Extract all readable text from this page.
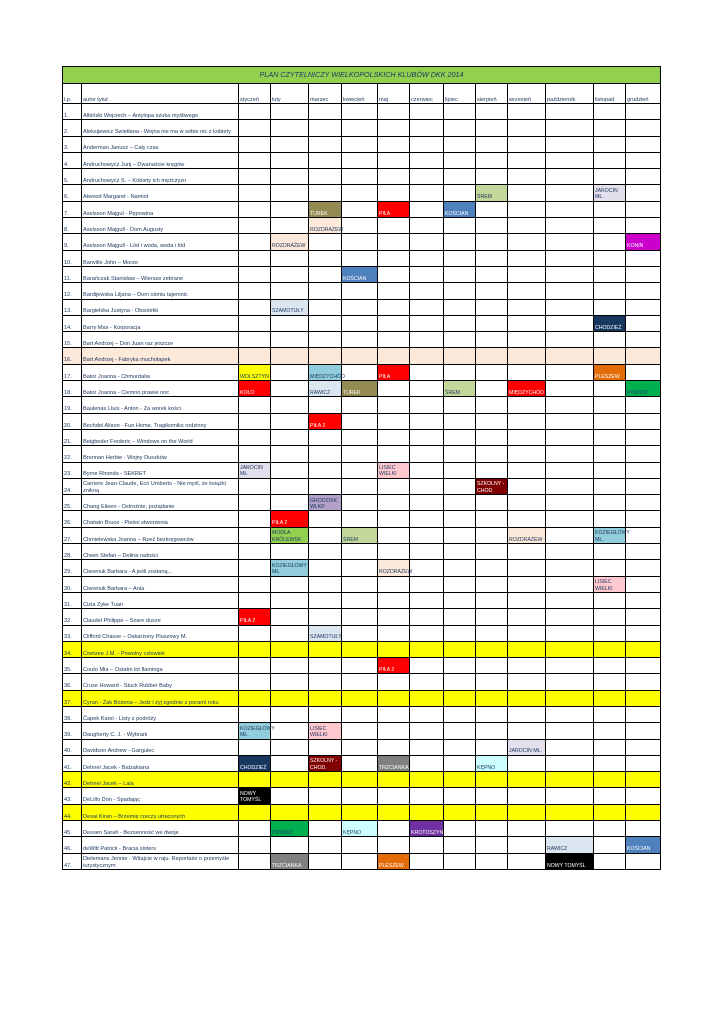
PLAN CZYTELNICZY WIELKOPOLSKICH KLUBÓW DKK 2014													
l.p.	autor tytuł	styczeń	luty	marzec	kwiecień	maj	czerwiec	lipiec	sierpień	wrzesień	październik	listopad	grudzień
1.	Albiński Wojciech – Antylopa szuka myśliwego												
2.	Aleksijewicz Swietłana - Wojna nie ma w sobie nic z kobiety												
3.	Anderman Janusz – Cały czas												
4.	Andruchowycz Jurij – Dwanaście kręgów												
5.	Andruchowycz S. – Kobiety ich mężczyzn												
6.	Atwood Margaret - Namiot								ŚREM			JAROCIN MŁ.	
7.	Axelsson Majgul - Pępowina			TUREK		PIŁA		KOŚCIAN					
8.	Axelsson Majgull - Dom Augusty			ROZDRAŻEW									
9.	Axelsson Majgull - Lód i woda, woda i lód		ROZDRAŻEW										KONIN
10.	Banville John – Morze												
11.	Barańczak Stanisław – Wiersze zebrane				KOŚCIAN								
12.	Bardijewska Liljana – Dom ośmiu tajemnic												
13.	Bargielska Justyna - Obsoletki		SZAMOTUŁY										
14.	Barry Max - Korporacja											CHODZIEŻ	
15.	Bart Andrzej – Don Juan raz jeszcze												
16.	Bart Andrzej - Fabryka muchołapek												
17.	Bator Joanna - Chmurdalia	WOLSZTYN		MIĘDZYCHÓD		PIŁA						PLESZEW	
18.	Bator Joanna - Ciemno prawie noc	KOŁO		RAWICZ	TUREK			ŚREM		MIĘDZYCHÓD			POWIDZ
19.	Baulenas Lluis - Anton - Za worek kości												
20.	Bechdel Alison - Fun Home. Tragikomiks rodzinny			PIŁA 2									
21.	Beigbeder Frederic – Windows on the World												
22.	Brennan Herbie - Wojny Duszków												
23.	Byrne Rhonda - SEKRET	JAROCIN MŁ.				LISIEC WIELKI							
24.	Carriere Jean-Claude, Eco Umberto - Nie myśl, że książki znikną								SZKOLNY - CHOD.				
25.	Chang Eileen - Ostrożnie, pożądanie			GRODZISK WLKP.									
26.	Chatwin Bruce - Pieśni stworzenia		PIŁA 2										
27.	Chmielewska Joanna – Rzeź bezkręgowców		MODŁA KRÓLEWSK		ŚREM					ROZDRAŻEW		KOZIEGŁOWY MŁ.	
28.	Chwin Stefan – Dolina radości												
29.	Ciwoniuk Barbara - A jeśli zostaną...		KOZIEGŁOWY MŁ.			ROZDRAŻEW							
30.	Ciwoniuk Barbara – Ania											LISIEC WIELKI	
31.	Cizia Zyke Tuan												
32.	Claudel Philippe – Szare dusze	PIŁA 2											
33.	Clifford Chasse – Oskarżony Pluszowy M.			SZAMOTUŁY									
34.	Coetzee J.M. - Powolny człowiek												
35.	Couto Mia – Ostatni lot flaminga					PIŁA 2							
36.	Cruse Howard - Stuck Rubber Baby												
37.	Cyran - Żak Bożena – Jedz i żyj zgodnie z porami roku												
38.	Čapek Karel - Listy z podróży												
39.	Daugherty C. J. - Wybrani	KOZIEGŁOWY MŁ.		LISIEC WIELKI									
40.	Davidson Andrew - Gargulec									JAROCIN MŁ.			
41.	Dehnel Jacek - Balzakiana	CHODZIEŻ		SZKOLNY - CHOD.		TRZCIANKA			KĘPNO				
42.	Dehnel Jacek – Lala												
43.	DeLillo Don - Spadając	NOWY TOMYŚL											
44.	Desai Kiran – Brzemię rzeczy utraconych												
45.	Dessen Sarah - Bezsenność we dwoje		POWIDZ		KĘPNO		KROTOSZYN						
46.	deWitt Patrick - Bracia sisters										RAWICZ		KOŚCIAN
47.	Dielemans Jennie - Witajcie w raju. Reportaże o przemyśle turystycznym		TRZCIANKA			PLESZEW					NOWY TOMYŚL		
